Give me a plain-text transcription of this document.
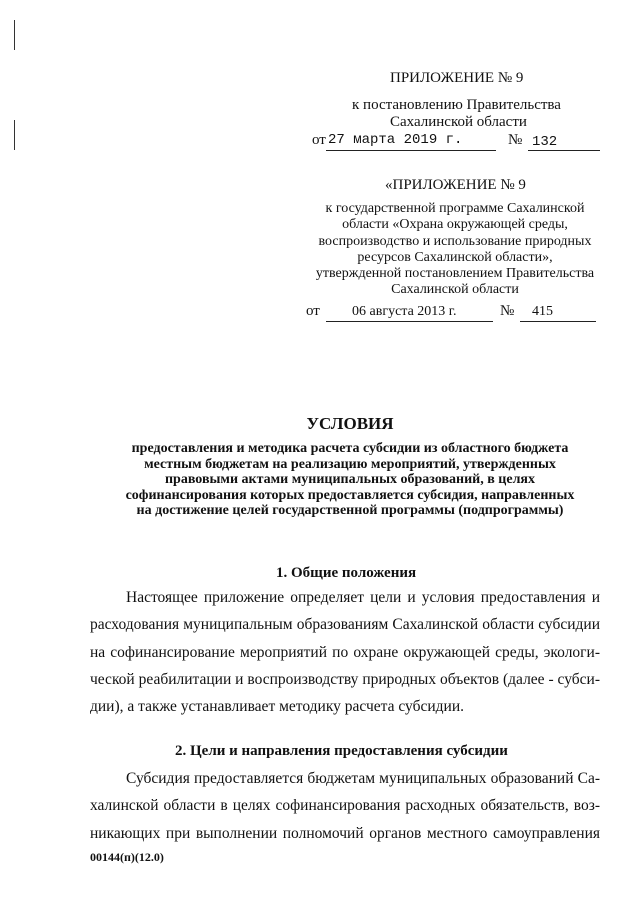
ПРИЛОЖЕНИЕ № 9
к постановлению Правительства
Сахалинской области
от 27 марта 2019 г.	№ 132
«ПРИЛОЖЕНИЕ № 9
к государственной программе Сахалинской
области «Охрана окружающей среды,
воспроизводство и использование природных
ресурсов Сахалинской области»,
утвержденной постановлением Правительства
Сахалинской области
от 06 августа 2013 г.	№ 415
УСЛОВИЯ
предоставления и методика расчета субсидии из областного бюджета
местным бюджетам на реализацию мероприятий, утвержденных
правовыми актами муниципальных образований, в целях
софинансирования которых предоставляется субсидия, направленных
на достижение целей государственной программы (подпрограммы)
1. Общие положения
Настоящее приложение определяет цели и условия предоставления и
расходования муниципальным образованиям Сахалинской области субсидии
на софинансирование мероприятий по охране окружающей среды, экологи-
ческой реабилитации и воспроизводству природных объектов (далее - субси-
дии), а также устанавливает методику расчета субсидии.
2. Цели и направления предоставления субсидии
Субсидия предоставляется бюджетам муниципальных образований Са-
халинской области в целях софинансирования расходных обязательств, воз-
никающих при выполнении полномочий органов местного самоуправления
00144(п)(12.0)
